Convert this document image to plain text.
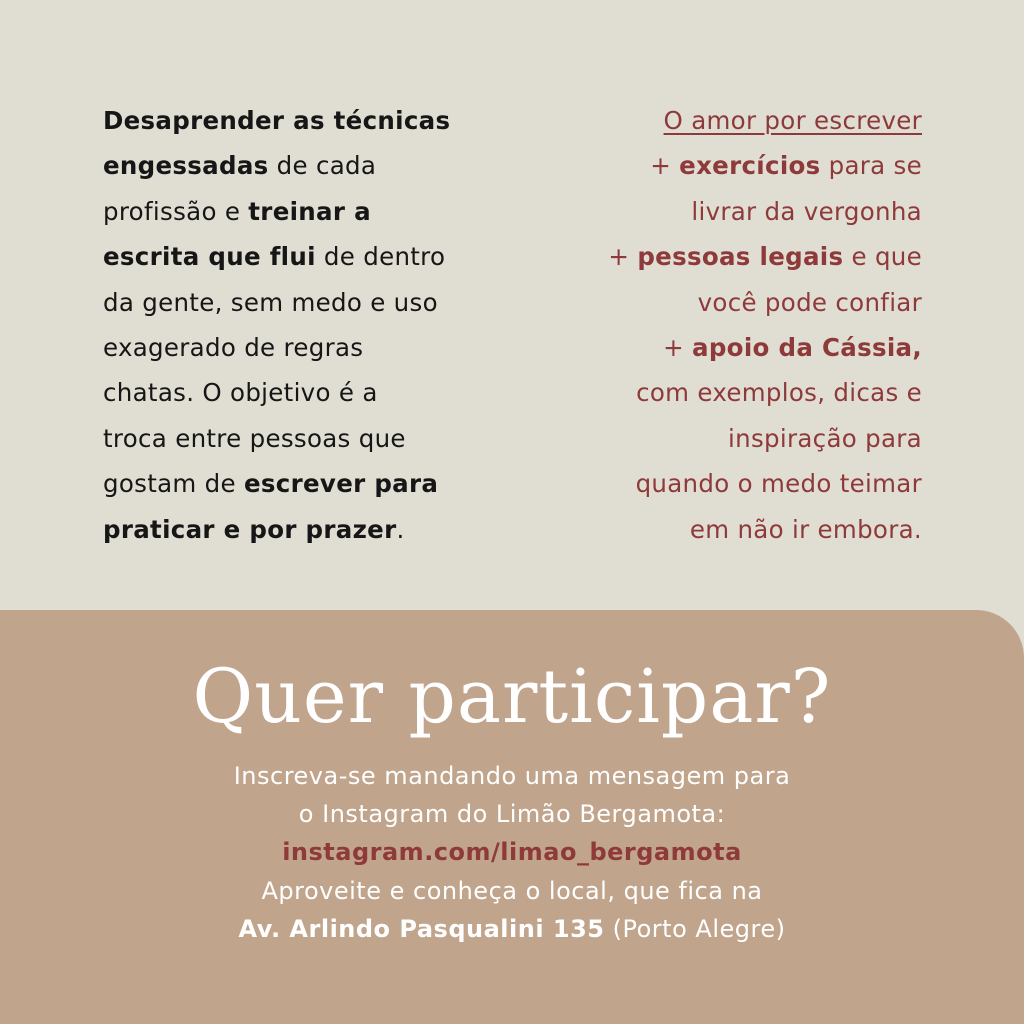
Desaprender as técnicas
engessadas de cada
profissão e treinar a
escrita que flui de dentro
da gente, sem medo e uso
exagerado de regras
chatas. O objetivo é a
troca entre pessoas que
gostam de escrever para
praticar e por prazer.
O amor por escrever
+ exercícios para se
livrar da vergonha
+ pessoas legais e que
você pode confiar
+ apoio da Cássia,
com exemplos, dicas e
inspiração para
quando o medo teimar
em não ir embora.
Quer participar?
Inscreva-se mandando uma mensagem para
o Instagram do Limão Bergamota:
instagram.com/limao_bergamota
Aproveite e conheça o local, que fica na
Av. Arlindo Pasqualini 135 (Porto Alegre)
